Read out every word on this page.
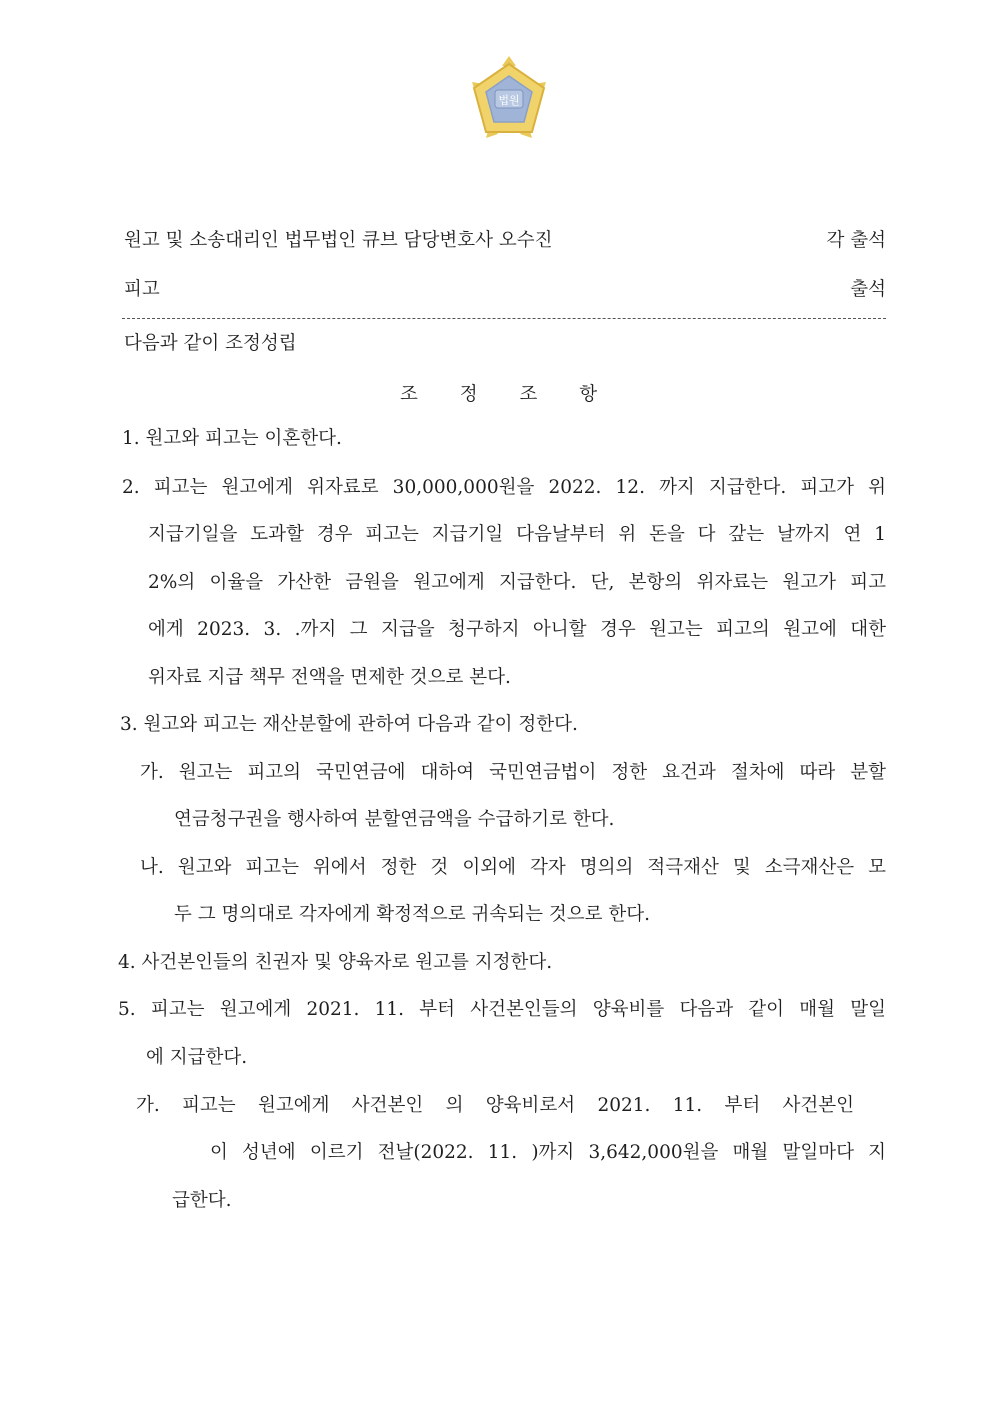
법원
원고 및 소송대리인 법무법인 큐브 담당변호사 오수진	각 출석
피고	출석
다음과 같이 조정성립
조 정 조 항
1. 원고와 피고는 이혼한다.
2. 피고는 원고에게 위자료로 30,000,000원을 2022. 12. 까지 지급한다. 피고가 위
지급기일을 도과할 경우 피고는 지급기일 다음날부터 위 돈을 다 갚는 날까지 연 1
2%의 이율을 가산한 금원을 원고에게 지급한다. 단, 본항의 위자료는 원고가 피고
에게 2023. 3. .까지 그 지급을 청구하지 아니할 경우 원고는 피고의 원고에 대한
위자료 지급 책무 전액을 면제한 것으로 본다.
3. 원고와 피고는 재산분할에 관하여 다음과 같이 정한다.
가. 원고는 피고의 국민연금에 대하여 국민연금법이 정한 요건과 절차에 따라 분할
연금청구권을 행사하여 분할연금액을 수급하기로 한다.
나. 원고와 피고는 위에서 정한 것 이외에 각자 명의의 적극재산 및 소극재산은 모
두 그 명의대로 각자에게 확정적으로 귀속되는 것으로 한다.
4. 사건본인들의 친권자 및 양육자로 원고를 지정한다.
5. 피고는 원고에게 2021. 11. 부터 사건본인들의 양육비를 다음과 같이 매월 말일
에 지급한다.
가. 피고는 원고에게 사건본인 의 양육비로서 2021. 11. 부터 사건본인
이 성년에 이르기 전날(2022. 11. )까지 3,642,000원을 매월 말일마다 지
급한다.
